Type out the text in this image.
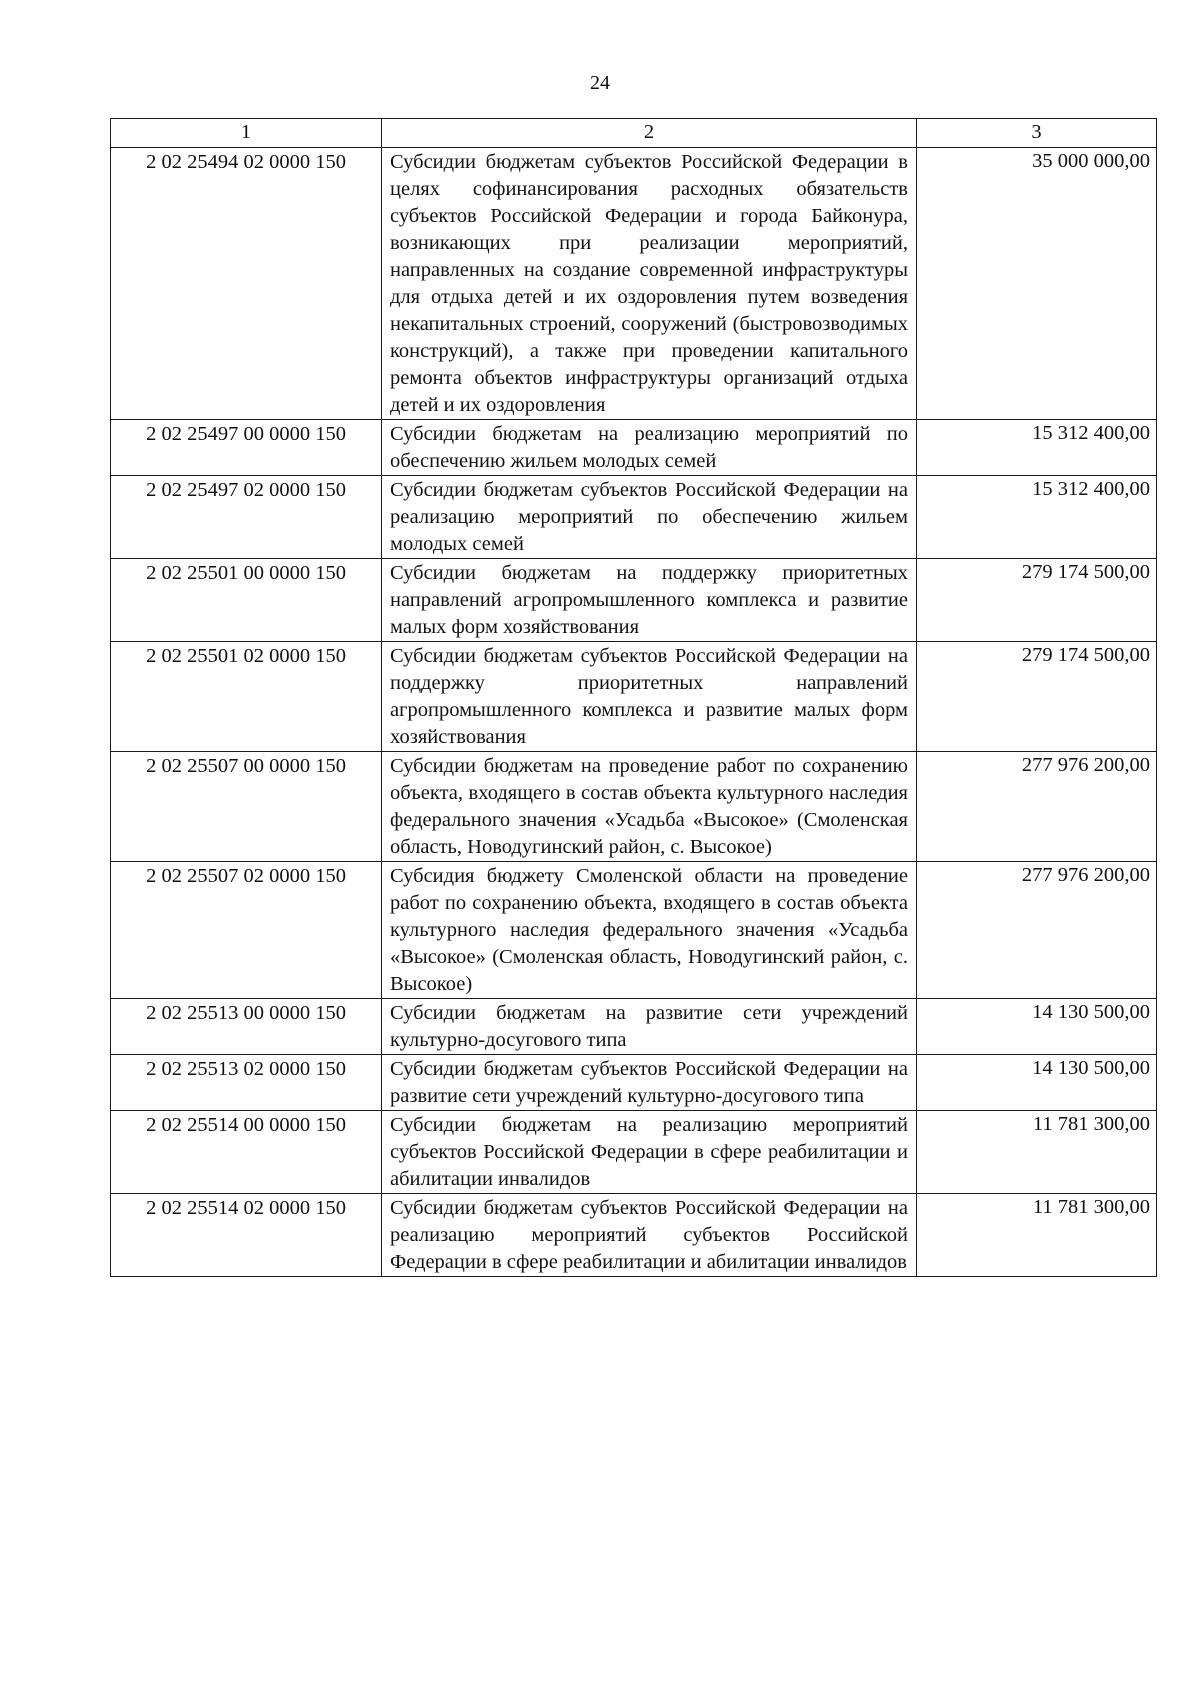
24
1	2	3
2 02 25494 02 0000 150	Субсидии бюджетам субъектов Российской Федерации в целях софинансирования расходных обязательств субъектов Российской Федерации и города Байконура, возникающих при реализации мероприятий, направленных на создание современной инфраструктуры для отдыха детей и их оздоровления путем возведения некапитальных строений, сооружений (быстровозводимых конструкций), а также при проведении капитального ремонта объектов инфраструктуры организаций отдыха детей и их оздоровления	35 000 000,00
2 02 25497 00 0000 150	Субсидии бюджетам на реализацию мероприятий по обеспечению жильем молодых семей	15 312 400,00
2 02 25497 02 0000 150	Субсидии бюджетам субъектов Российской Федерации на реализацию мероприятий по обеспечению жильем молодых семей	15 312 400,00
2 02 25501 00 0000 150	Субсидии бюджетам на поддержку приоритетных направлений агропромышленного комплекса и развитие малых форм хозяйствования	279 174 500,00
2 02 25501 02 0000 150	Субсидии бюджетам субъектов Российской Федерации на поддержку приоритетных направлений агропромышленного комплекса и развитие малых форм хозяйствования	279 174 500,00
2 02 25507 00 0000 150	Субсидии бюджетам на проведение работ по сохранению объекта, входящего в состав объекта культурного наследия федерального значения «Усадьба «Высокое» (Смоленская область, Новодугинский район, с. Высокое)	277 976 200,00
2 02 25507 02 0000 150	Субсидия бюджету Смоленской области на проведение работ по сохранению объекта, входящего в состав объекта культурного наследия федерального значения «Усадьба «Высокое» (Смоленская область, Новодугинский район, с. Высокое)	277 976 200,00
2 02 25513 00 0000 150	Субсидии бюджетам на развитие сети учреждений культурно-досугового типа	14 130 500,00
2 02 25513 02 0000 150	Субсидии бюджетам субъектов Российской Федерации на развитие сети учреждений культурно-досугового типа	14 130 500,00
2 02 25514 00 0000 150	Субсидии бюджетам на реализацию мероприятий субъектов Российской Федерации в сфере реабилитации и абилитации инвалидов	11 781 300,00
2 02 25514 02 0000 150	Субсидии бюджетам субъектов Российской Федерации на реализацию мероприятий субъектов Российской Федерации в сфере реабилитации и абилитации инвалидов	11 781 300,00
